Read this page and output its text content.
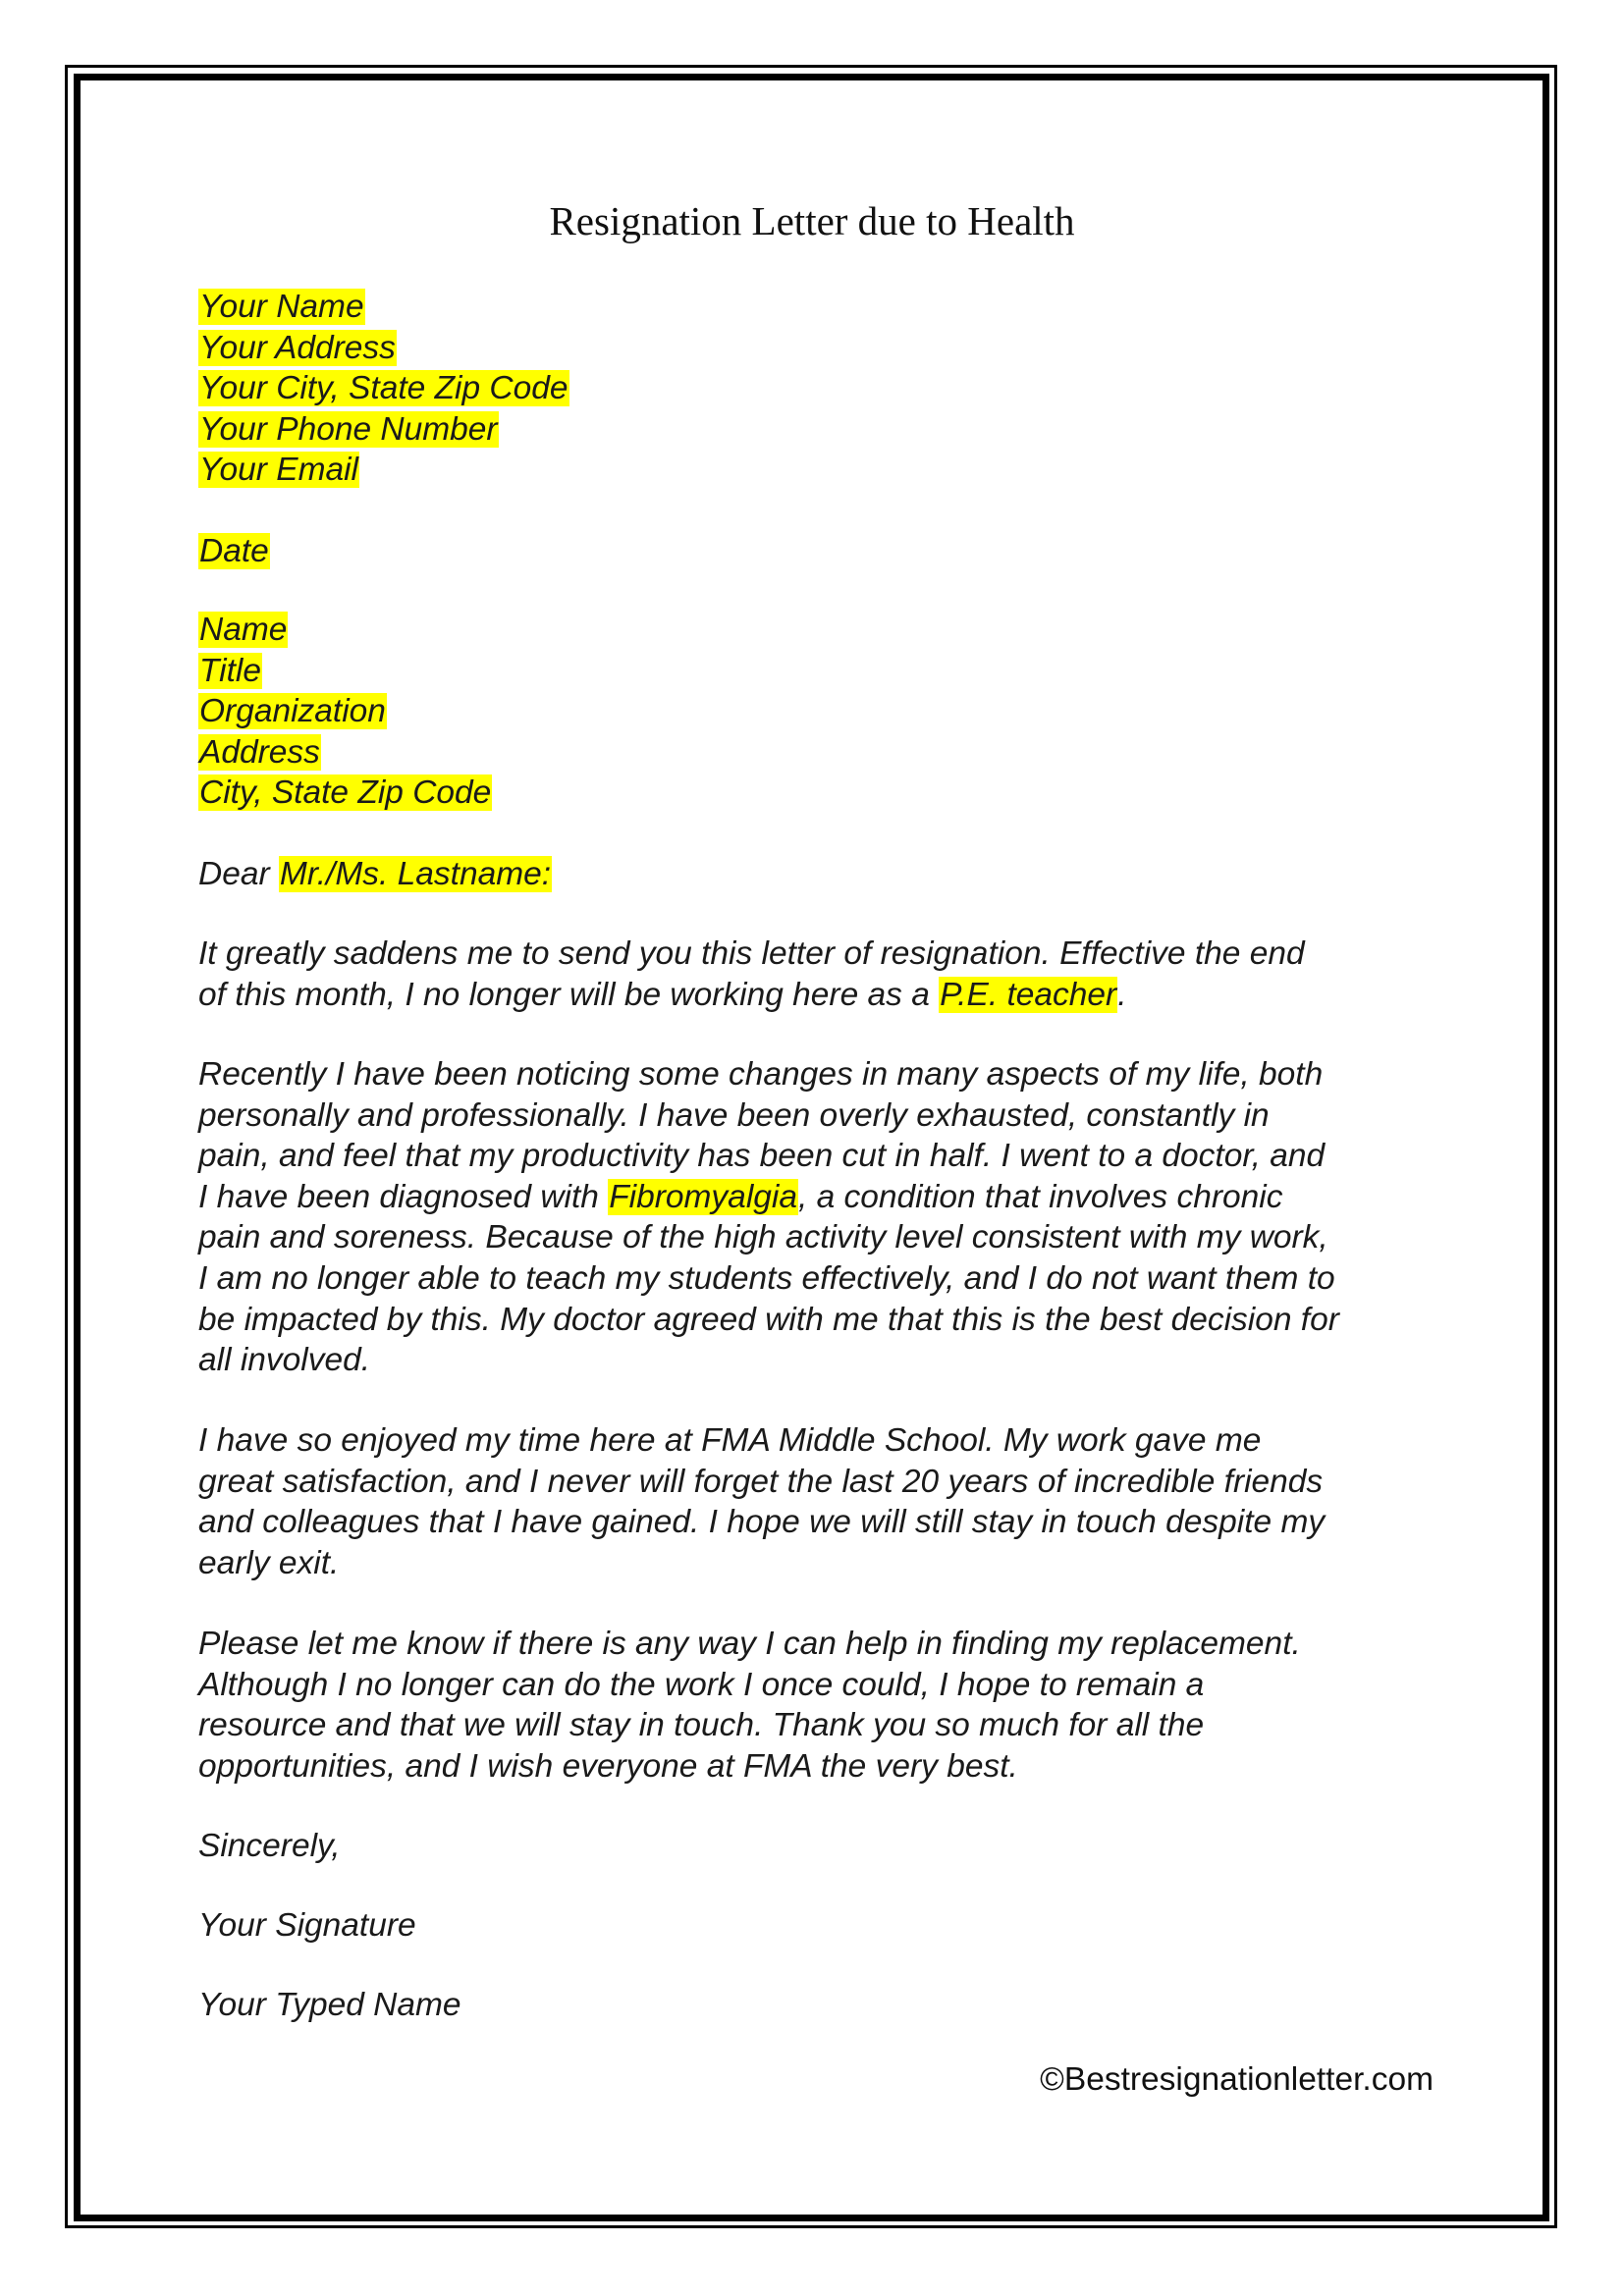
Resignation Letter due to Health
Your Name
Your Address
Your City, State Zip Code
Your Phone Number
Your Email
Date
Name
Title
Organization
Address
City, State Zip Code
Dear Mr./Ms. Lastname:
It greatly saddens me to send you this letter of resignation. Effective the end
of this month, I no longer will be working here as a P.E. teacher.
Recently I have been noticing some changes in many aspects of my life, both
personally and professionally. I have been overly exhausted, constantly in
pain, and feel that my productivity has been cut in half. I went to a doctor, and
I have been diagnosed with Fibromyalgia, a condition that involves chronic
pain and soreness. Because of the high activity level consistent with my work,
I am no longer able to teach my students effectively, and I do not want them to
be impacted by this. My doctor agreed with me that this is the best decision for
all involved.
I have so enjoyed my time here at FMA Middle School. My work gave me
great satisfaction, and I never will forget the last 20 years of incredible friends
and colleagues that I have gained. I hope we will still stay in touch despite my
early exit.
Please let me know if there is any way I can help in finding my replacement.
Although I no longer can do the work I once could, I hope to remain a
resource and that we will stay in touch. Thank you so much for all the
opportunities, and I wish everyone at FMA the very best.
Sincerely,
Your Signature
Your Typed Name
©Bestresignationletter.com
